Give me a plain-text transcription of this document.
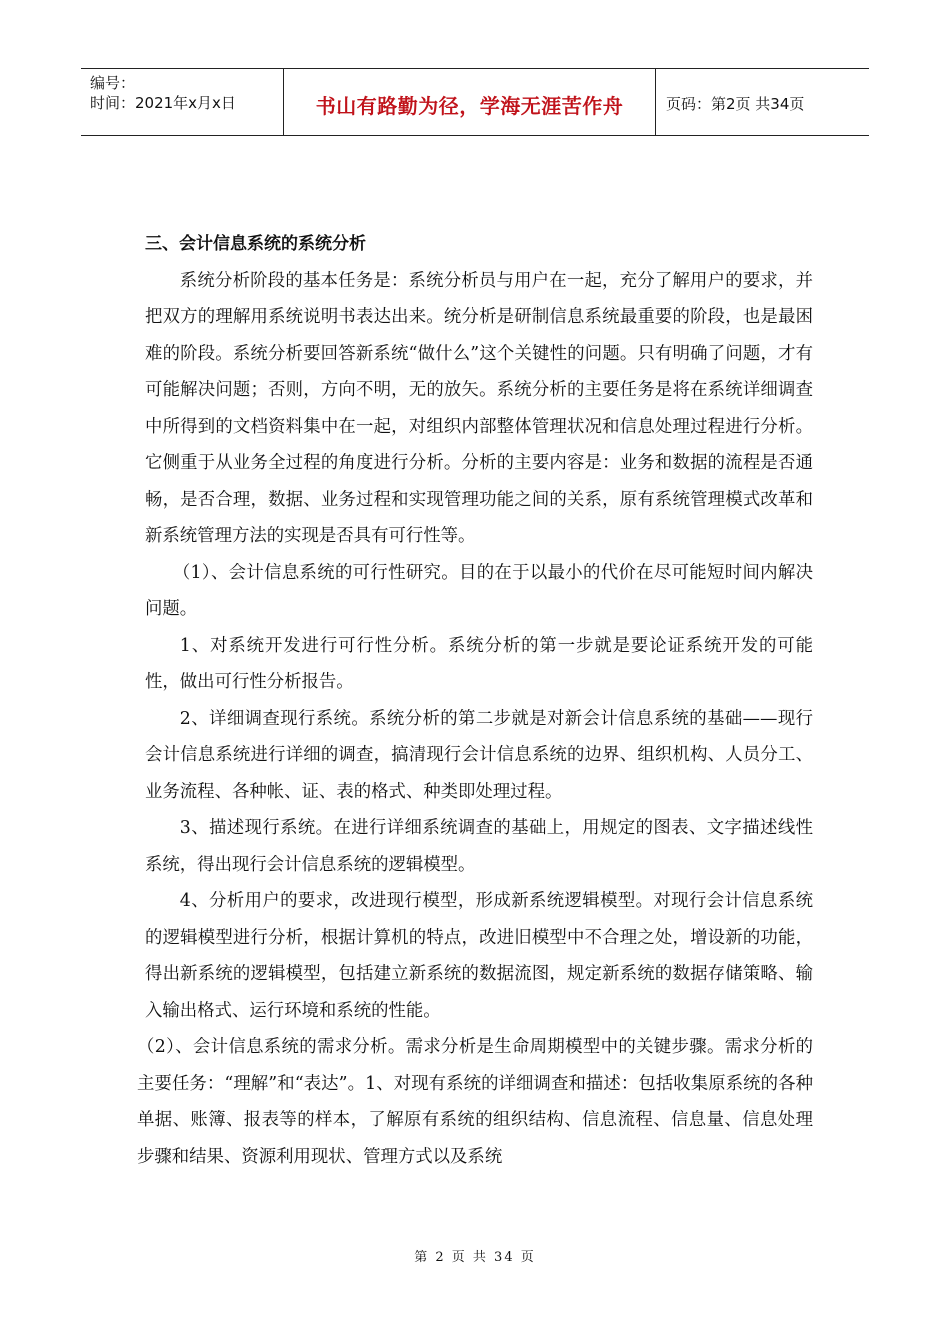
编号：
时间：2021年x月x日	书山有路勤为径，学海无涯苦作舟	页码：第2页 共34页

三、会计信息系统的系统分析

系统分析阶段的基本任务是：系统分析员与用户在一起，充分了解用户的要求，并把双方的理解用系统说明书表达出来。统分析是研制信息系统最重要的阶段，也是最困难的阶段。系统分析要回答新系统“做什么”这个关键性的问题。只有明确了问题，才有可能解决问题；否则，方向不明，无的放矢。系统分析的主要任务是将在系统详细调查中所得到的文档资料集中在一起，对组织内部整体管理状况和信息处理过程进行分析。它侧重于从业务全过程的角度进行分析。分析的主要内容是：业务和数据的流程是否通畅，是否合理，数据、业务过程和实现管理功能之间的关系，原有系统管理模式改革和新系统管理方法的实现是否具有可行性等。

（1）、会计信息系统的可行性研究。目的在于以最小的代价在尽可能短时间内解决问题。

1、对系统开发进行可行性分析。系统分析的第一步就是要论证系统开发的可能性，做出可行性分析报告。

2、详细调查现行系统。系统分析的第二步就是对新会计信息系统的基础——现行会计信息系统进行详细的调查，搞清现行会计信息系统的边界、组织机构、人员分工、业务流程、各种帐、证、表的格式、种类即处理过程。

3、描述现行系统。在进行详细系统调查的基础上，用规定的图表、文字描述线性系统，得出现行会计信息系统的逻辑模型。

4、分析用户的要求，改进现行模型，形成新系统逻辑模型。对现行会计信息系统的逻辑模型进行分析，根据计算机的特点，改进旧模型中不合理之处，增设新的功能，得出新系统的逻辑模型，包括建立新系统的数据流图，规定新系统的数据存储策略、输入输出格式、运行环境和系统的性能。

（2）、会计信息系统的需求分析。需求分析是生命周期模型中的关键步骤。需求分析的主要任务：“理解”和“表达”。1、对现有系统的详细调查和描述：包括收集原系统的各种单据、账簿、报表等的样本，了解原有系统的组织结构、信息流程、信息量、信息处理步骤和结果、资源利用现状、管理方式以及系统

第 2 页 共 34 页
